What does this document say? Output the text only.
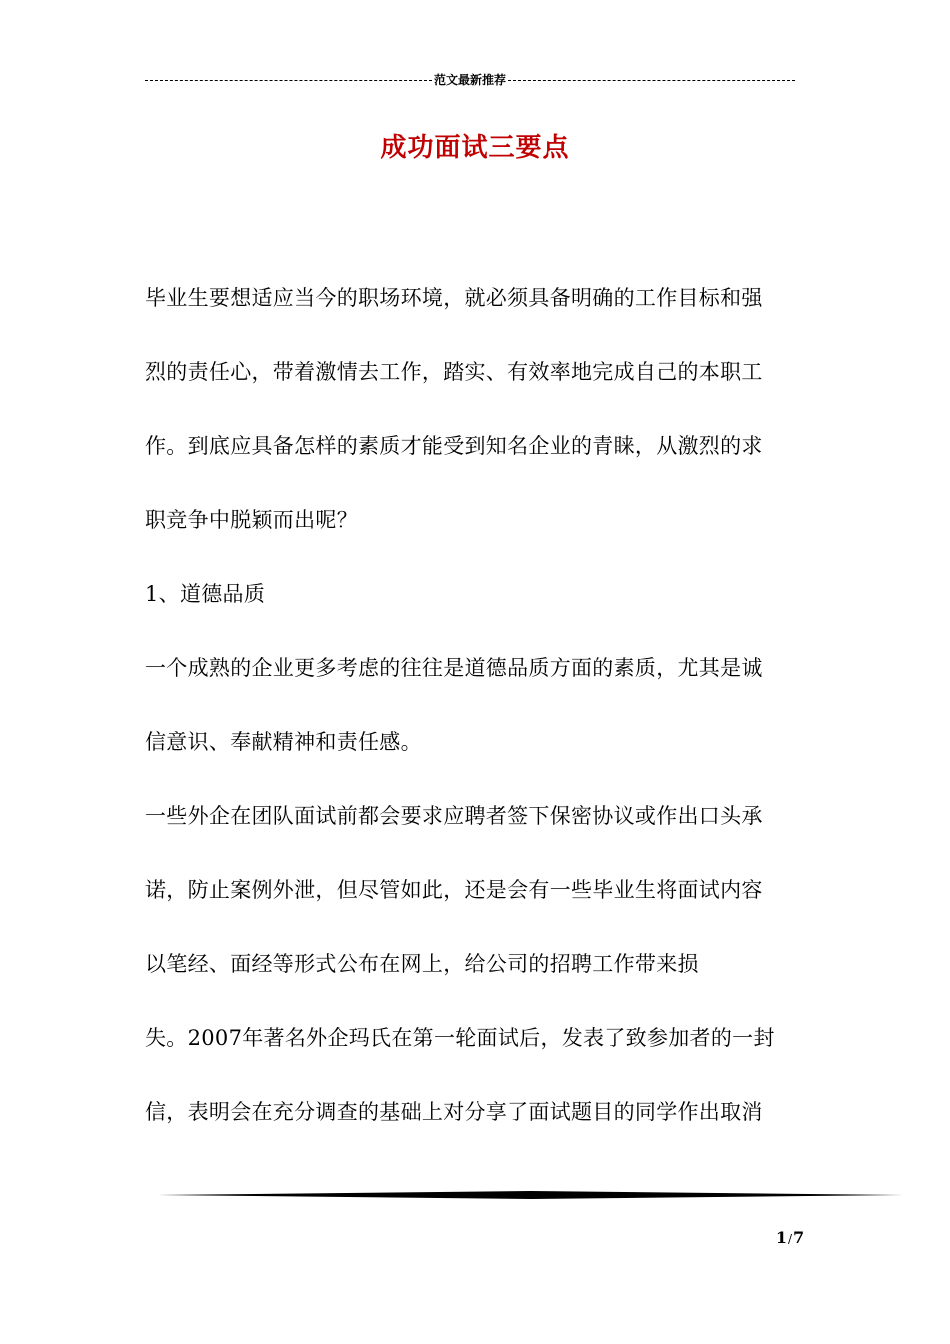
范文最新推荐
成功面试三要点
毕业生要想适应当今的职场环境，就必须具备明确的工作目标和强
烈的责任心，带着激情去工作，踏实、有效率地完成自己的本职工
作。到底应具备怎样的素质才能受到知名企业的青睐，从激烈的求
职竞争中脱颖而出呢？
1、道德品质
一个成熟的企业更多考虑的往往是道德品质方面的素质，尤其是诚
信意识、奉献精神和责任感。
一些外企在团队面试前都会要求应聘者签下保密协议或作出口头承
诺，防止案例外泄，但尽管如此，还是会有一些毕业生将面试内容
以笔经、面经等形式公布在网上，给公司的招聘工作带来损
失。2007年著名外企玛氏在第一轮面试后，发表了致参加者的一封
信，表明会在充分调查的基础上对分享了面试题目的同学作出取消
1/7
